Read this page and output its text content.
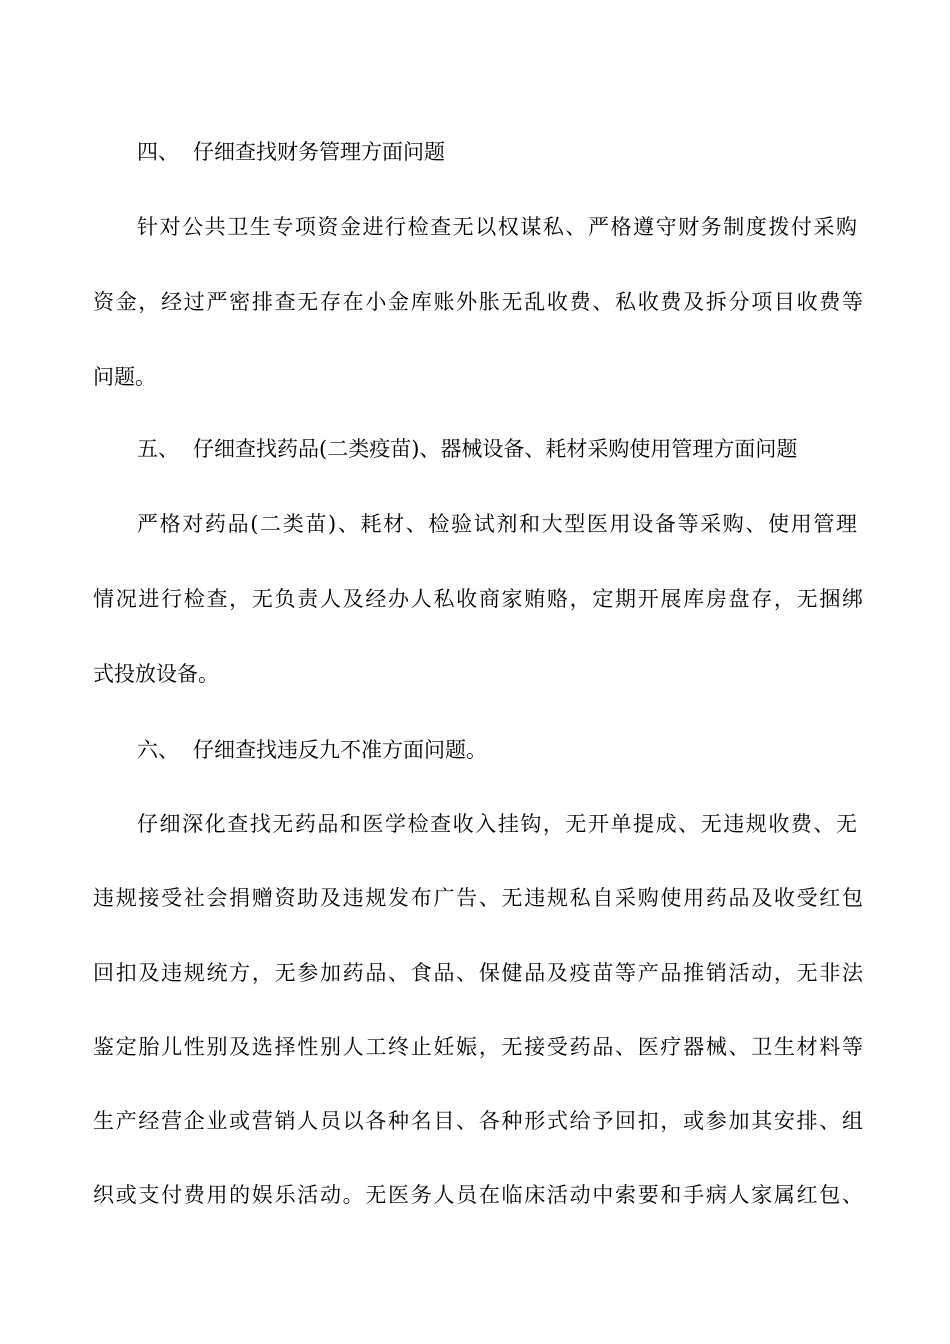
四、 仔细查找财务管理方面问题
针对公共卫生专项资金进行检查无以权谋私、严格遵守财务制度拨付采购
资金，经过严密排查无存在小金库账外胀无乱收费、私收费及拆分项目收费等
问题。
五、 仔细查找药品(二类疫苗)、器械设备、耗材采购使用管理方面问题
严格对药品(二类苗)、耗材、检验试剂和大型医用设备等采购、使用管理
情况进行检查，无负责人及经办人私收商家贿赂，定期开展库房盘存，无捆绑
式投放设备。
六、 仔细查找违反九不准方面问题。
仔细深化查找无药品和医学检查收入挂钩，无开单提成、无违规收费、无
违规接受社会捐赠资助及违规发布广告、无违规私自采购使用药品及收受红包
回扣及违规统方，无参加药品、食品、保健品及疫苗等产品推销活动，无非法
鉴定胎儿性别及选择性别人工终止妊娠，无接受药品、医疗器械、卫生材料等
生产经营企业或营销人员以各种名目、各种形式给予回扣，或参加其安排、组
织或支付费用的娱乐活动。无医务人员在临床活动中索要和手病人家属红包、
